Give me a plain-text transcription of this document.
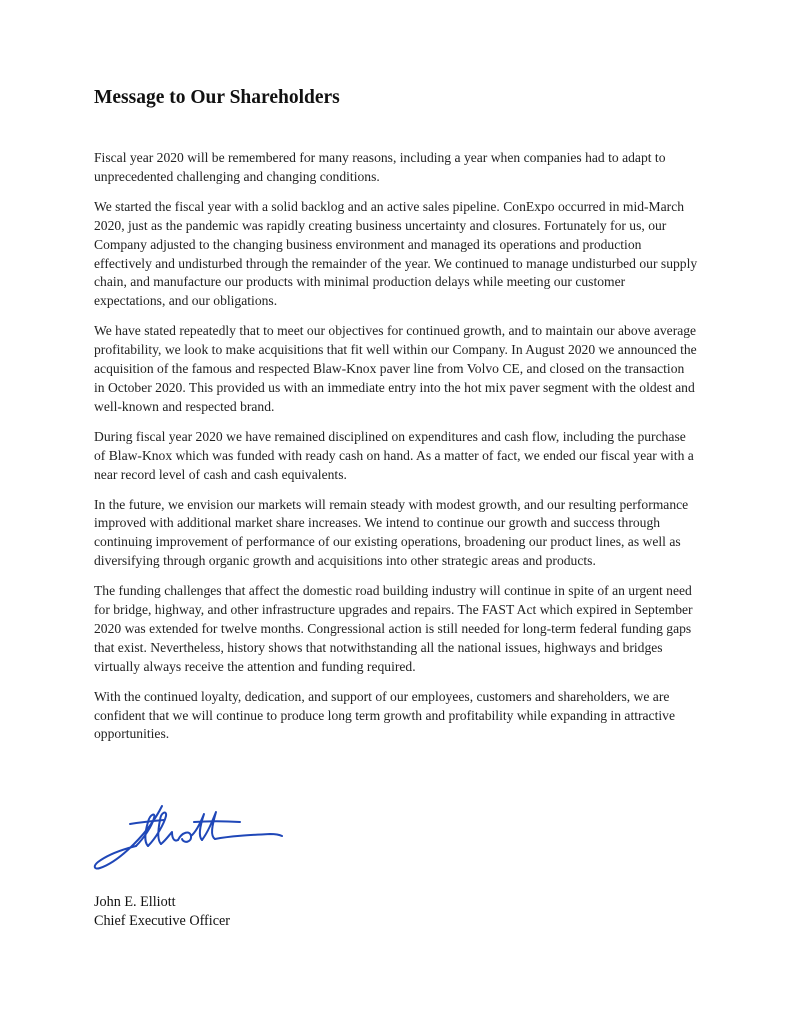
Message to Our Shareholders

Fiscal year 2020 will be remembered for many reasons, including a year when companies had to adapt to unprecedented challenging and changing conditions.

We started the fiscal year with a solid backlog and an active sales pipeline. ConExpo occurred in mid-March 2020, just as the pandemic was rapidly creating business uncertainty and closures. Fortunately for us, our Company adjusted to the changing business environment and managed its operations and production effectively and undisturbed through the remainder of the year. We continued to manage undisturbed our supply chain, and manufacture our products with minimal production delays while meeting our customer expectations, and our obligations.

We have stated repeatedly that to meet our objectives for continued growth, and to maintain our above average profitability, we look to make acquisitions that fit well within our Company. In August 2020 we announced the acquisition of the famous and respected Blaw-Knox paver line from Volvo CE, and closed on the transaction in October 2020. This provided us with an immediate entry into the hot mix paver segment with the oldest and well-known and respected brand.

During fiscal year 2020 we have remained disciplined on expenditures and cash flow, including the purchase of Blaw-Knox which was funded with ready cash on hand. As a matter of fact, we ended our fiscal year with a near record level of cash and cash equivalents.

In the future, we envision our markets will remain steady with modest growth, and our resulting performance improved with additional market share increases. We intend to continue our growth and success through continuing improvement of performance of our existing operations, broadening our product lines, as well as diversifying through organic growth and acquisitions into other strategic areas and products.

The funding challenges that affect the domestic road building industry will continue in spite of an urgent need for bridge, highway, and other infrastructure upgrades and repairs. The FAST Act which expired in September 2020 was extended for twelve months. Congressional action is still needed for long-term federal funding gaps that exist. Nevertheless, history shows that notwithstanding all the national issues, highways and bridges virtually always receive the attention and funding required.

With the continued loyalty, dedication, and support of our employees, customers and shareholders, we are confident that we will continue to produce long term growth and profitability while expanding in attractive opportunities.

John E. Elliott
Chief Executive Officer
